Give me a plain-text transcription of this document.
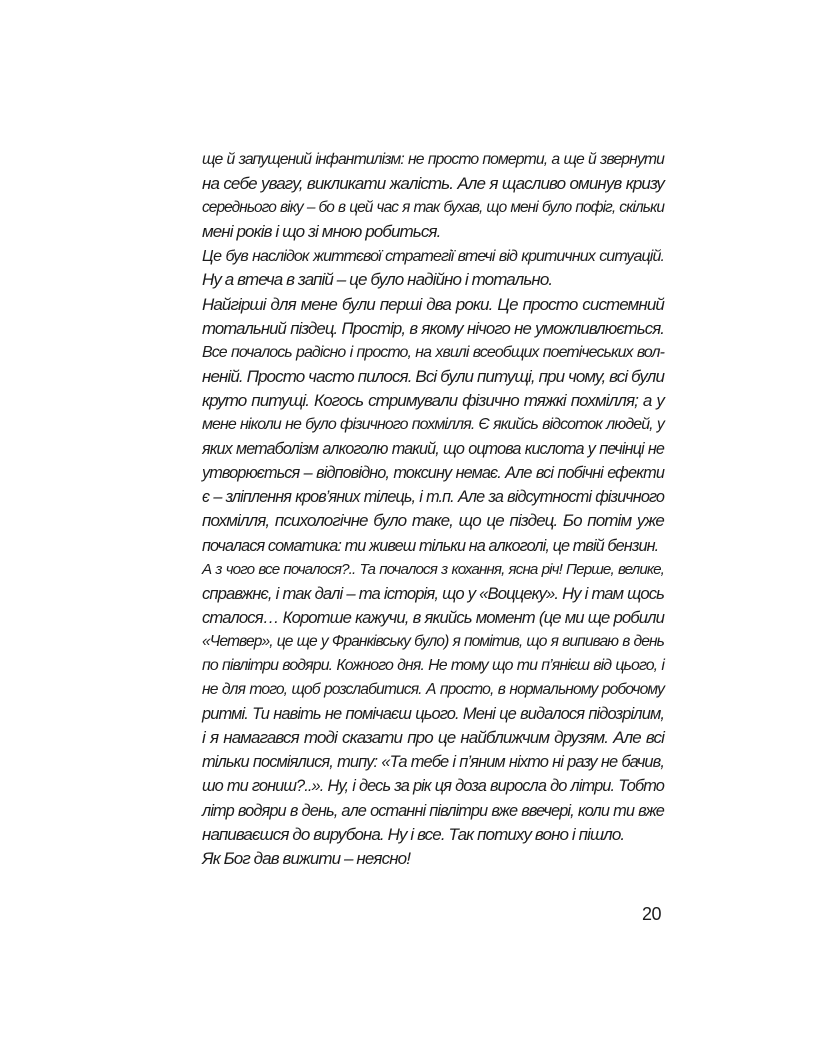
ще й запущений інфантилізм: не просто померти, а ще й звернути
на себе увагу, викликати жалість. Але я щасливо оминув кризу
середнього віку – бо в цей час я так бухав, що мені було пофіг, скільки
мені років і що зі мною робиться.
Це був наслідок життєвої стратегії втечі від критичних ситуацій.
Ну а втеча в запій – це було надійно і тотально.
Найгірші для мене були перші два роки. Це просто системний
тотальний піздец. Простір, в якому нічого не уможливлюється.
Все почалось радісно і просто, на хвилі всеобщих поетічеських вол-
неній. Просто часто пилося. Всі були питущі, при чому, всі були
круто питущі. Когось стримували фізично тяжкі похмілля; а у
мене ніколи не було фізичного похмілля. Є якийсь відсоток людей, у
яких метаболізм алкоголю такий, що оцтова кислота у печінці не
утворюється – відповідно, токсину немає. Але всі побічні ефекти
є – зліплення кров’яних тілець, і т.п. Але за відсутності фізичного
похмілля, психологічне було таке, що це піздец. Бо потім уже
почалася соматика: ти живеш тільки на алкоголі, це твій бензин.
А з чого все почалося?.. Та почалося з кохання, ясна річ! Перше, велике,
справжнє, і так далі – та історія, що у «Воццеку». Ну і там щось
сталося… Коротше кажучи, в якийсь момент (це ми ще робили
«Четвер», це ще у Франківську було) я помітив, що я випиваю в день
по півлітри водяри. Кожного дня. Не тому що ти п’янієш від цього, і
не для того, щоб розслабитися. А просто, в нормальному робочому
ритмі. Ти навіть не помічаєш цього. Мені це видалося підозрілим,
і я намагався тоді сказати про це найближчим друзям. Але всі
тільки посміялися, типу: «Та тебе і п’яним ніхто ні разу не бачив,
шо ти гониш?..». Ну, і десь за рік ця доза виросла до літри. Тобто
літр водяри в день, але останні півлітри вже ввечері, коли ти вже
напиваєшся до вирубона. Ну і все. Так потиху воно і пішло.
Як Бог дав вижити – неясно!
20
